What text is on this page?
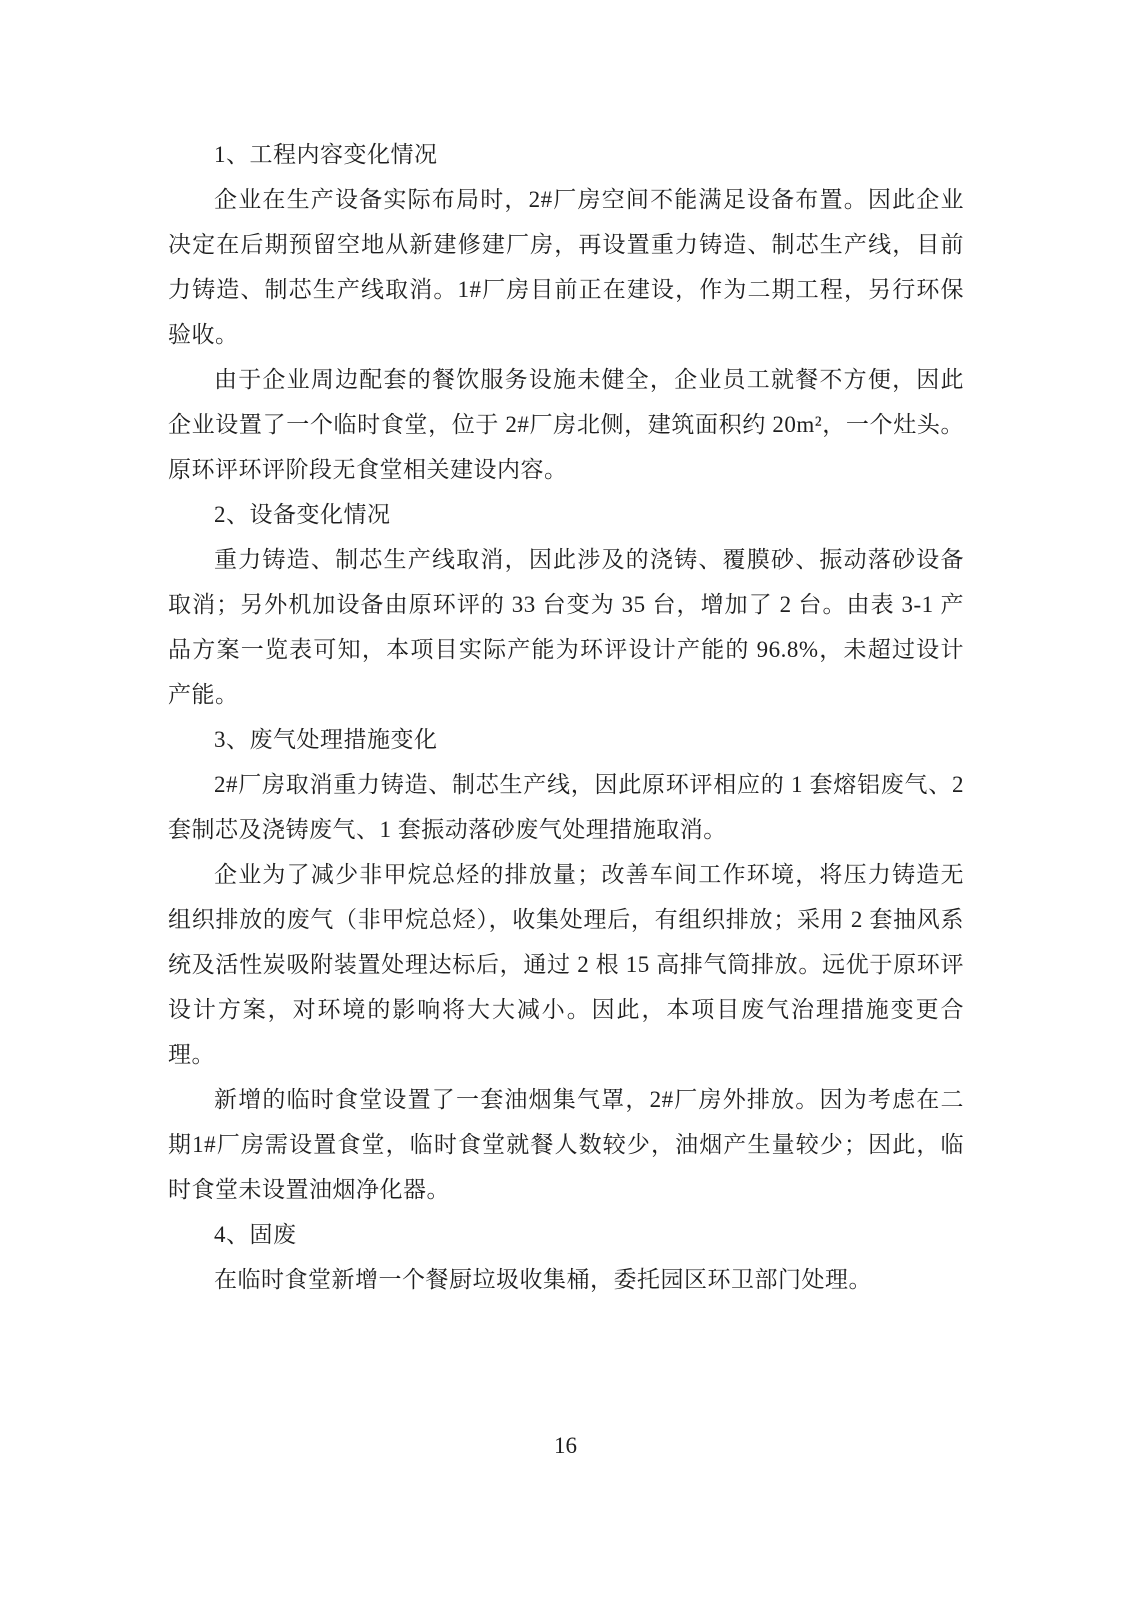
1、工程内容变化情况

企业在生产设备实际布局时，2#厂房空间不能满足设备布置。因此企业决定在后期预留空地从新建修建厂房，再设置重力铸造、制芯生产线，目前力铸造、制芯生产线取消。1#厂房目前正在建设，作为二期工程，另行环保验收。

由于企业周边配套的餐饮服务设施未健全，企业员工就餐不方便，因此企业设置了一个临时食堂，位于 2#厂房北侧，建筑面积约 20m²，一个灶头。原环评环评阶段无食堂相关建设内容。

2、设备变化情况

重力铸造、制芯生产线取消，因此涉及的浇铸、覆膜砂、振动落砂设备取消；另外机加设备由原环评的 33 台变为 35 台，增加了 2 台。由表 3-1 产品方案一览表可知，本项目实际产能为环评设计产能的 96.8%，未超过设计产能。

3、废气处理措施变化

2#厂房取消重力铸造、制芯生产线，因此原环评相应的 1 套熔铝废气、2 套制芯及浇铸废气、1 套振动落砂废气处理措施取消。

企业为了减少非甲烷总烃的排放量；改善车间工作环境，将压力铸造无组织排放的废气（非甲烷总烃），收集处理后，有组织排放；采用 2 套抽风系统及活性炭吸附装置处理达标后，通过 2 根 15 高排气筒排放。远优于原环评设计方案，对环境的影响将大大减小。因此，本项目废气治理措施变更合理。

新增的临时食堂设置了一套油烟集气罩，2#厂房外排放。因为考虑在二期1#厂房需设置食堂，临时食堂就餐人数较少，油烟产生量较少；因此，临时食堂未设置油烟净化器。

4、固废

在临时食堂新增一个餐厨垃圾收集桶，委托园区环卫部门处理。

16
